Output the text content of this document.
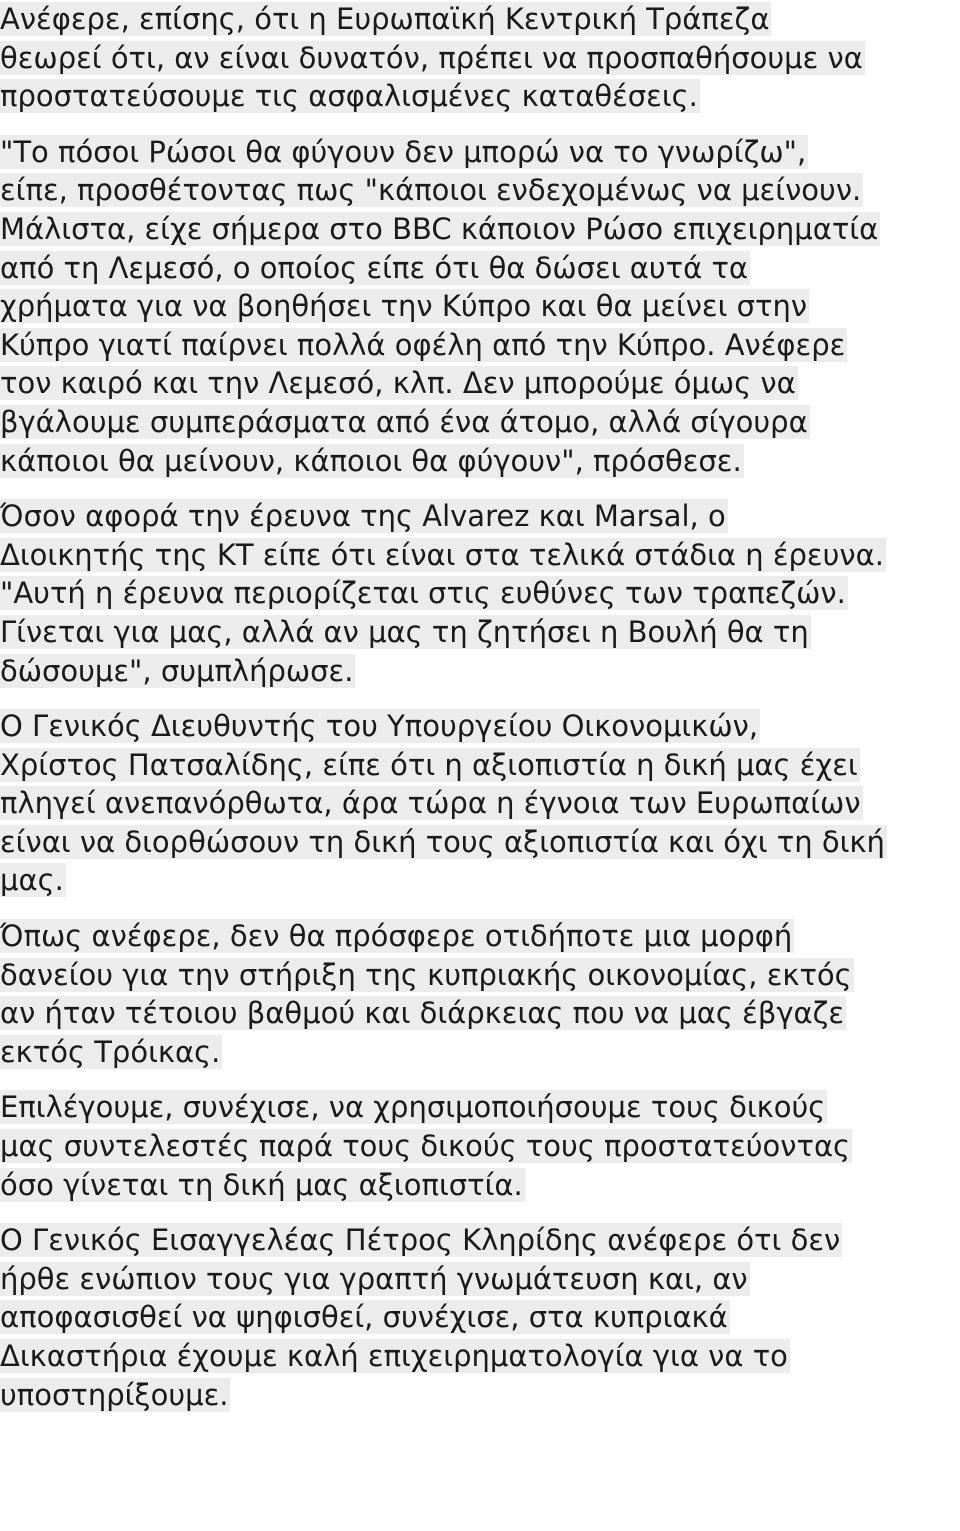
Ανέφερε, επίσης, ότι η Ευρωπαϊκή Κεντρική Τράπεζα
θεωρεί ότι, αν είναι δυνατόν, πρέπει να προσπαθήσουμε να
προστατεύσουμε τις ασφαλισμένες καταθέσεις.

"Το πόσοι Ρώσοι θα φύγουν δεν μπορώ να το γνωρίζω",
είπε, προσθέτοντας πως "κάποιοι ενδεχομένως να μείνουν.
Μάλιστα, είχε σήμερα στο BBC κάποιον Ρώσο επιχειρηματία
από τη Λεμεσό, ο οποίος είπε ότι θα δώσει αυτά τα
χρήματα για να βοηθήσει την Κύπρο και θα μείνει στην
Κύπρο γιατί παίρνει πολλά οφέλη από την Κύπρο. Ανέφερε
τον καιρό και την Λεμεσό, κλπ. Δεν μπορούμε όμως να
βγάλουμε συμπεράσματα από ένα άτομο, αλλά σίγουρα
κάποιοι θα μείνουν, κάποιοι θα φύγουν", πρόσθεσε.

Όσον αφορά την έρευνα της Alvarez και Marsal, ο
Διοικητής της ΚΤ είπε ότι είναι στα τελικά στάδια η έρευνα.
"Αυτή η έρευνα περιορίζεται στις ευθύνες των τραπεζών.
Γίνεται για μας, αλλά αν μας τη ζητήσει η Βουλή θα τη
δώσουμε", συμπλήρωσε.

Ο Γενικός Διευθυντής του Υπουργείου Οικονομικών,
Χρίστος Πατσαλίδης, είπε ότι η αξιοπιστία η δική μας έχει
πληγεί ανεπανόρθωτα, άρα τώρα η έγνοια των Ευρωπαίων
είναι να διορθώσουν τη δική τους αξιοπιστία και όχι τη δική
μας.

Όπως ανέφερε, δεν θα πρόσφερε οτιδήποτε μια μορφή
δανείου για την στήριξη της κυπριακής οικονομίας, εκτός
αν ήταν τέτοιου βαθμού και διάρκειας που να μας έβγαζε
εκτός Τρόικας.

Επιλέγουμε, συνέχισε, να χρησιμοποιήσουμε τους δικούς
μας συντελεστές παρά τους δικούς τους προστατεύοντας
όσο γίνεται τη δική μας αξιοπιστία.

Ο Γενικός Εισαγγελέας Πέτρος Κληρίδης ανέφερε ότι δεν
ήρθε ενώπιον τους για γραπτή γνωμάτευση και, αν
αποφασισθεί να ψηφισθεί, συνέχισε, στα κυπριακά
Δικαστήρια έχουμε καλή επιχειρηματολογία για να το
υποστηρίξουμε.
